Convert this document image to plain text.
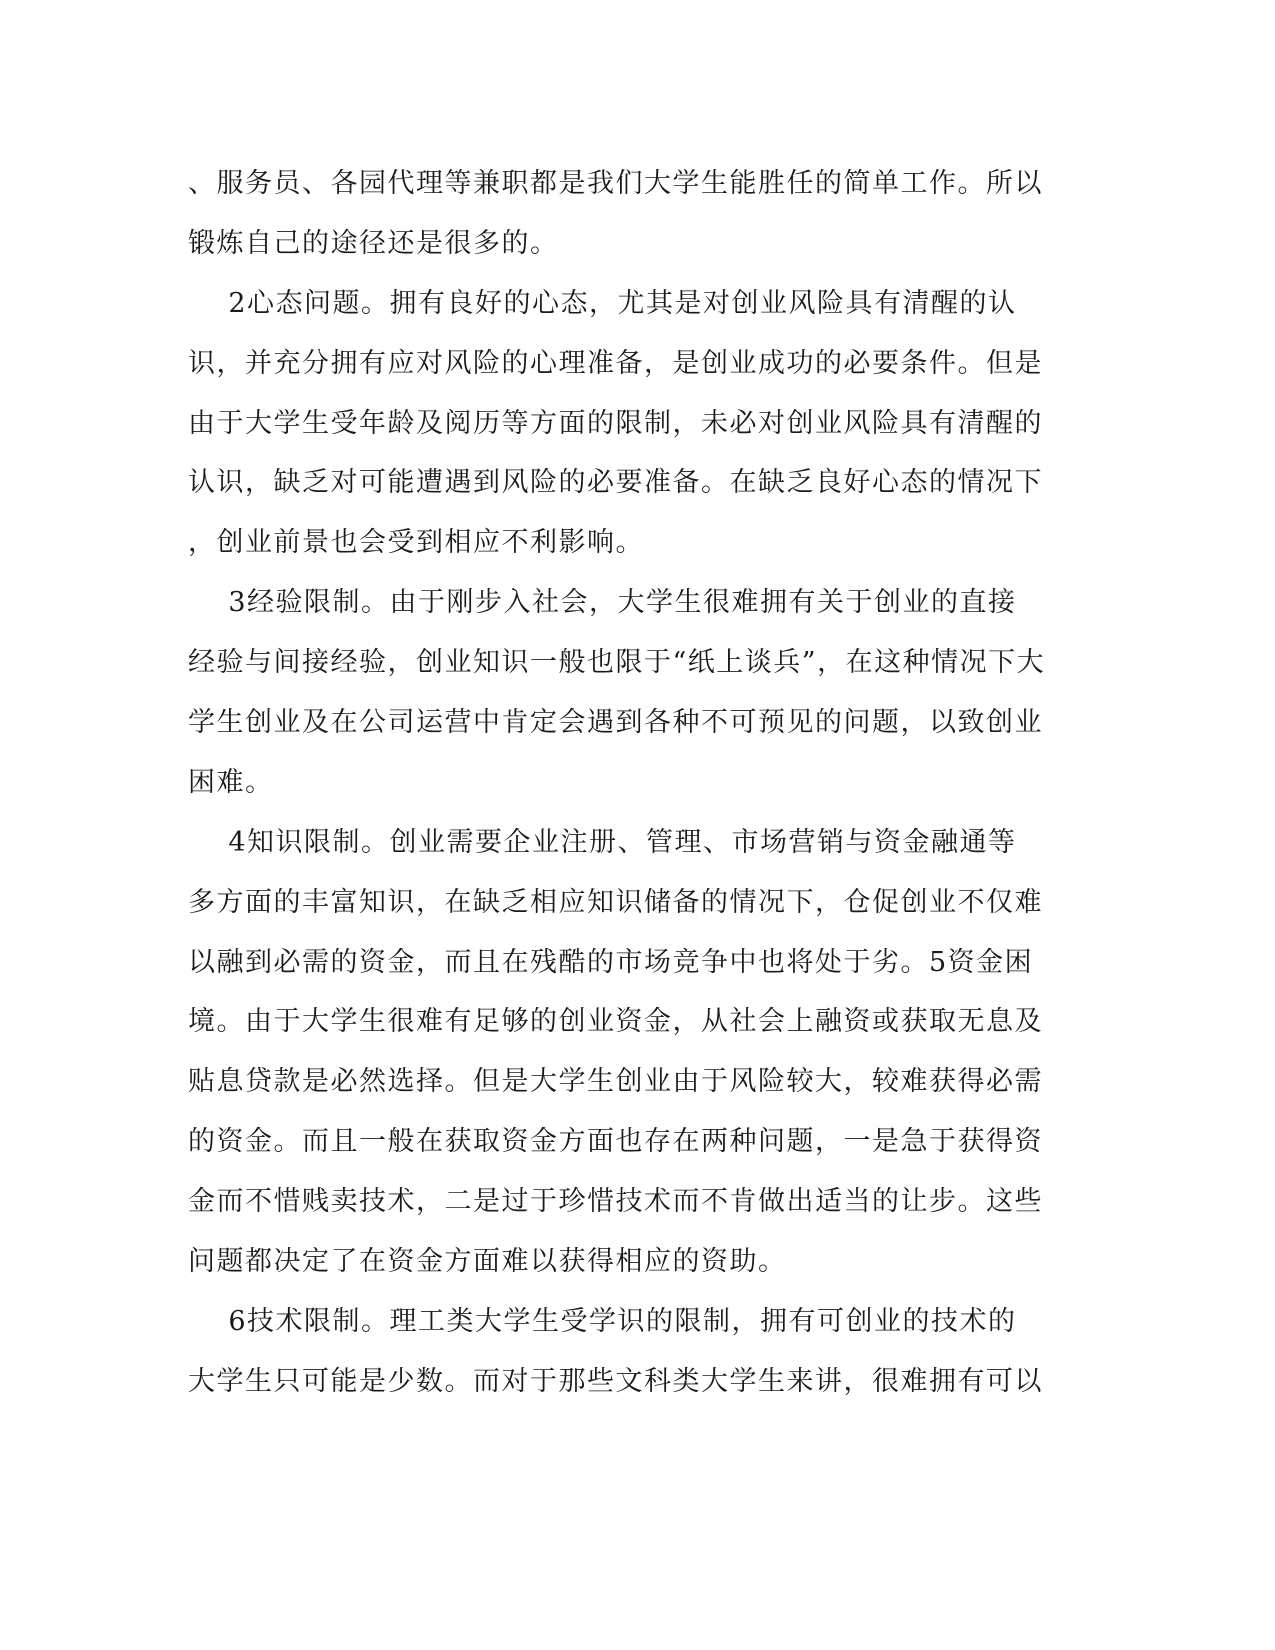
、服务员、各园代理等兼职都是我们大学生能胜任的简单工作。所以

锻炼自己的途径还是很多的。

2心态问题。拥有良好的心态，尤其是对创业风险具有清醒的认

识，并充分拥有应对风险的心理准备，是创业成功的必要条件。但是

由于大学生受年龄及阅历等方面的限制，未必对创业风险具有清醒的

认识，缺乏对可能遭遇到风险的必要准备。在缺乏良好心态的情况下

，创业前景也会受到相应不利影响。

3经验限制。由于刚步入社会，大学生很难拥有关于创业的直接

经验与间接经验，创业知识一般也限于“纸上谈兵”，在这种情况下大

学生创业及在公司运营中肯定会遇到各种不可预见的问题，以致创业

困难。

4知识限制。创业需要企业注册、管理、市场营销与资金融通等

多方面的丰富知识，在缺乏相应知识储备的情况下，仓促创业不仅难

以融到必需的资金，而且在残酷的市场竞争中也将处于劣。5资金困

境。由于大学生很难有足够的创业资金，从社会上融资或获取无息及

贴息贷款是必然选择。但是大学生创业由于风险较大，较难获得必需

的资金。而且一般在获取资金方面也存在两种问题，一是急于获得资

金而不惜贱卖技术，二是过于珍惜技术而不肯做出适当的让步。这些

问题都决定了在资金方面难以获得相应的资助。

6技术限制。理工类大学生受学识的限制，拥有可创业的技术的

大学生只可能是少数。而对于那些文科类大学生来讲，很难拥有可以
